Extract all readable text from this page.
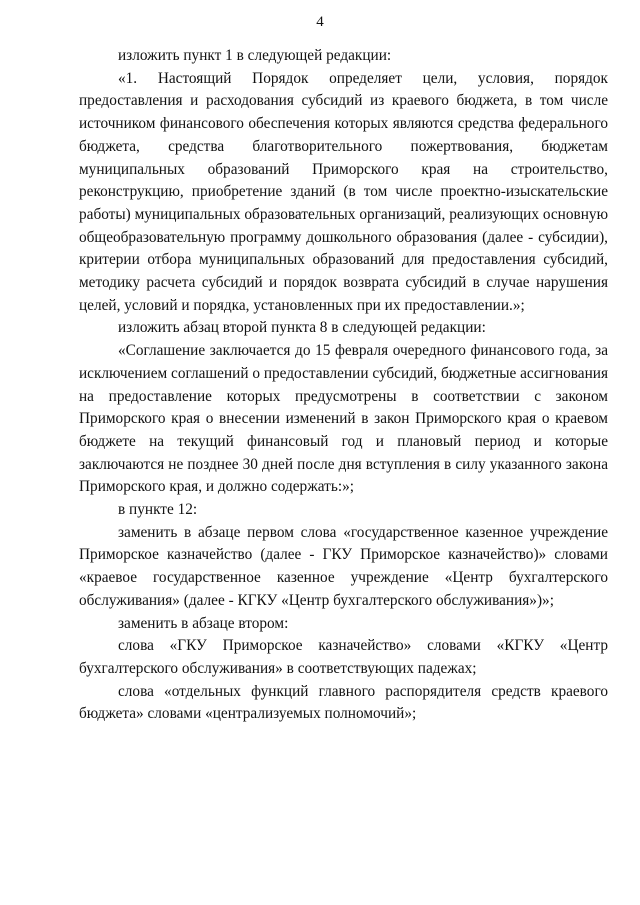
4

изложить пункт 1 в следующей редакции:

«1. Настоящий Порядок определяет цели, условия, порядок предоставления и расходования субсидий из краевого бюджета, в том числе источником финансового обеспечения которых являются средства федерального бюджета, средства благотворительного пожертвования, бюджетам муниципальных образований Приморского края на строительство, реконструкцию, приобретение зданий (в том числе проектно-изыскательские работы) муниципальных образовательных организаций, реализующих основную общеобразовательную программу дошкольного образования (далее - субсидии), критерии отбора муниципальных образований для предоставления субсидий, методику расчета субсидий и порядок возврата субсидий в случае нарушения целей, условий и порядка, установленных при их предоставлении.»;

изложить абзац второй пункта 8 в следующей редакции:

«Соглашение заключается до 15 февраля очередного финансового года, за исключением соглашений о предоставлении субсидий, бюджетные ассигнования на предоставление которых предусмотрены в соответствии с законом Приморского края о внесении изменений в закон Приморского края о краевом бюджете на текущий финансовый год и плановый период и которые заключаются не позднее 30 дней после дня вступления в силу указанного закона Приморского края, и должно содержать:»;

в пункте 12:

заменить в абзаце первом слова «государственное казенное учреждение Приморское казначейство (далее - ГКУ Приморское казначейство)» словами «краевое государственное казенное учреждение «Центр бухгалтерского обслуживания» (далее - КГКУ «Центр бухгалтерского обслуживания»)»;

заменить в абзаце втором:

слова «ГКУ Приморское казначейство» словами «КГКУ «Центр бухгалтерского обслуживания» в соответствующих падежах;

слова «отдельных функций главного распорядителя средств краевого бюджета» словами «централизуемых полномочий»;
